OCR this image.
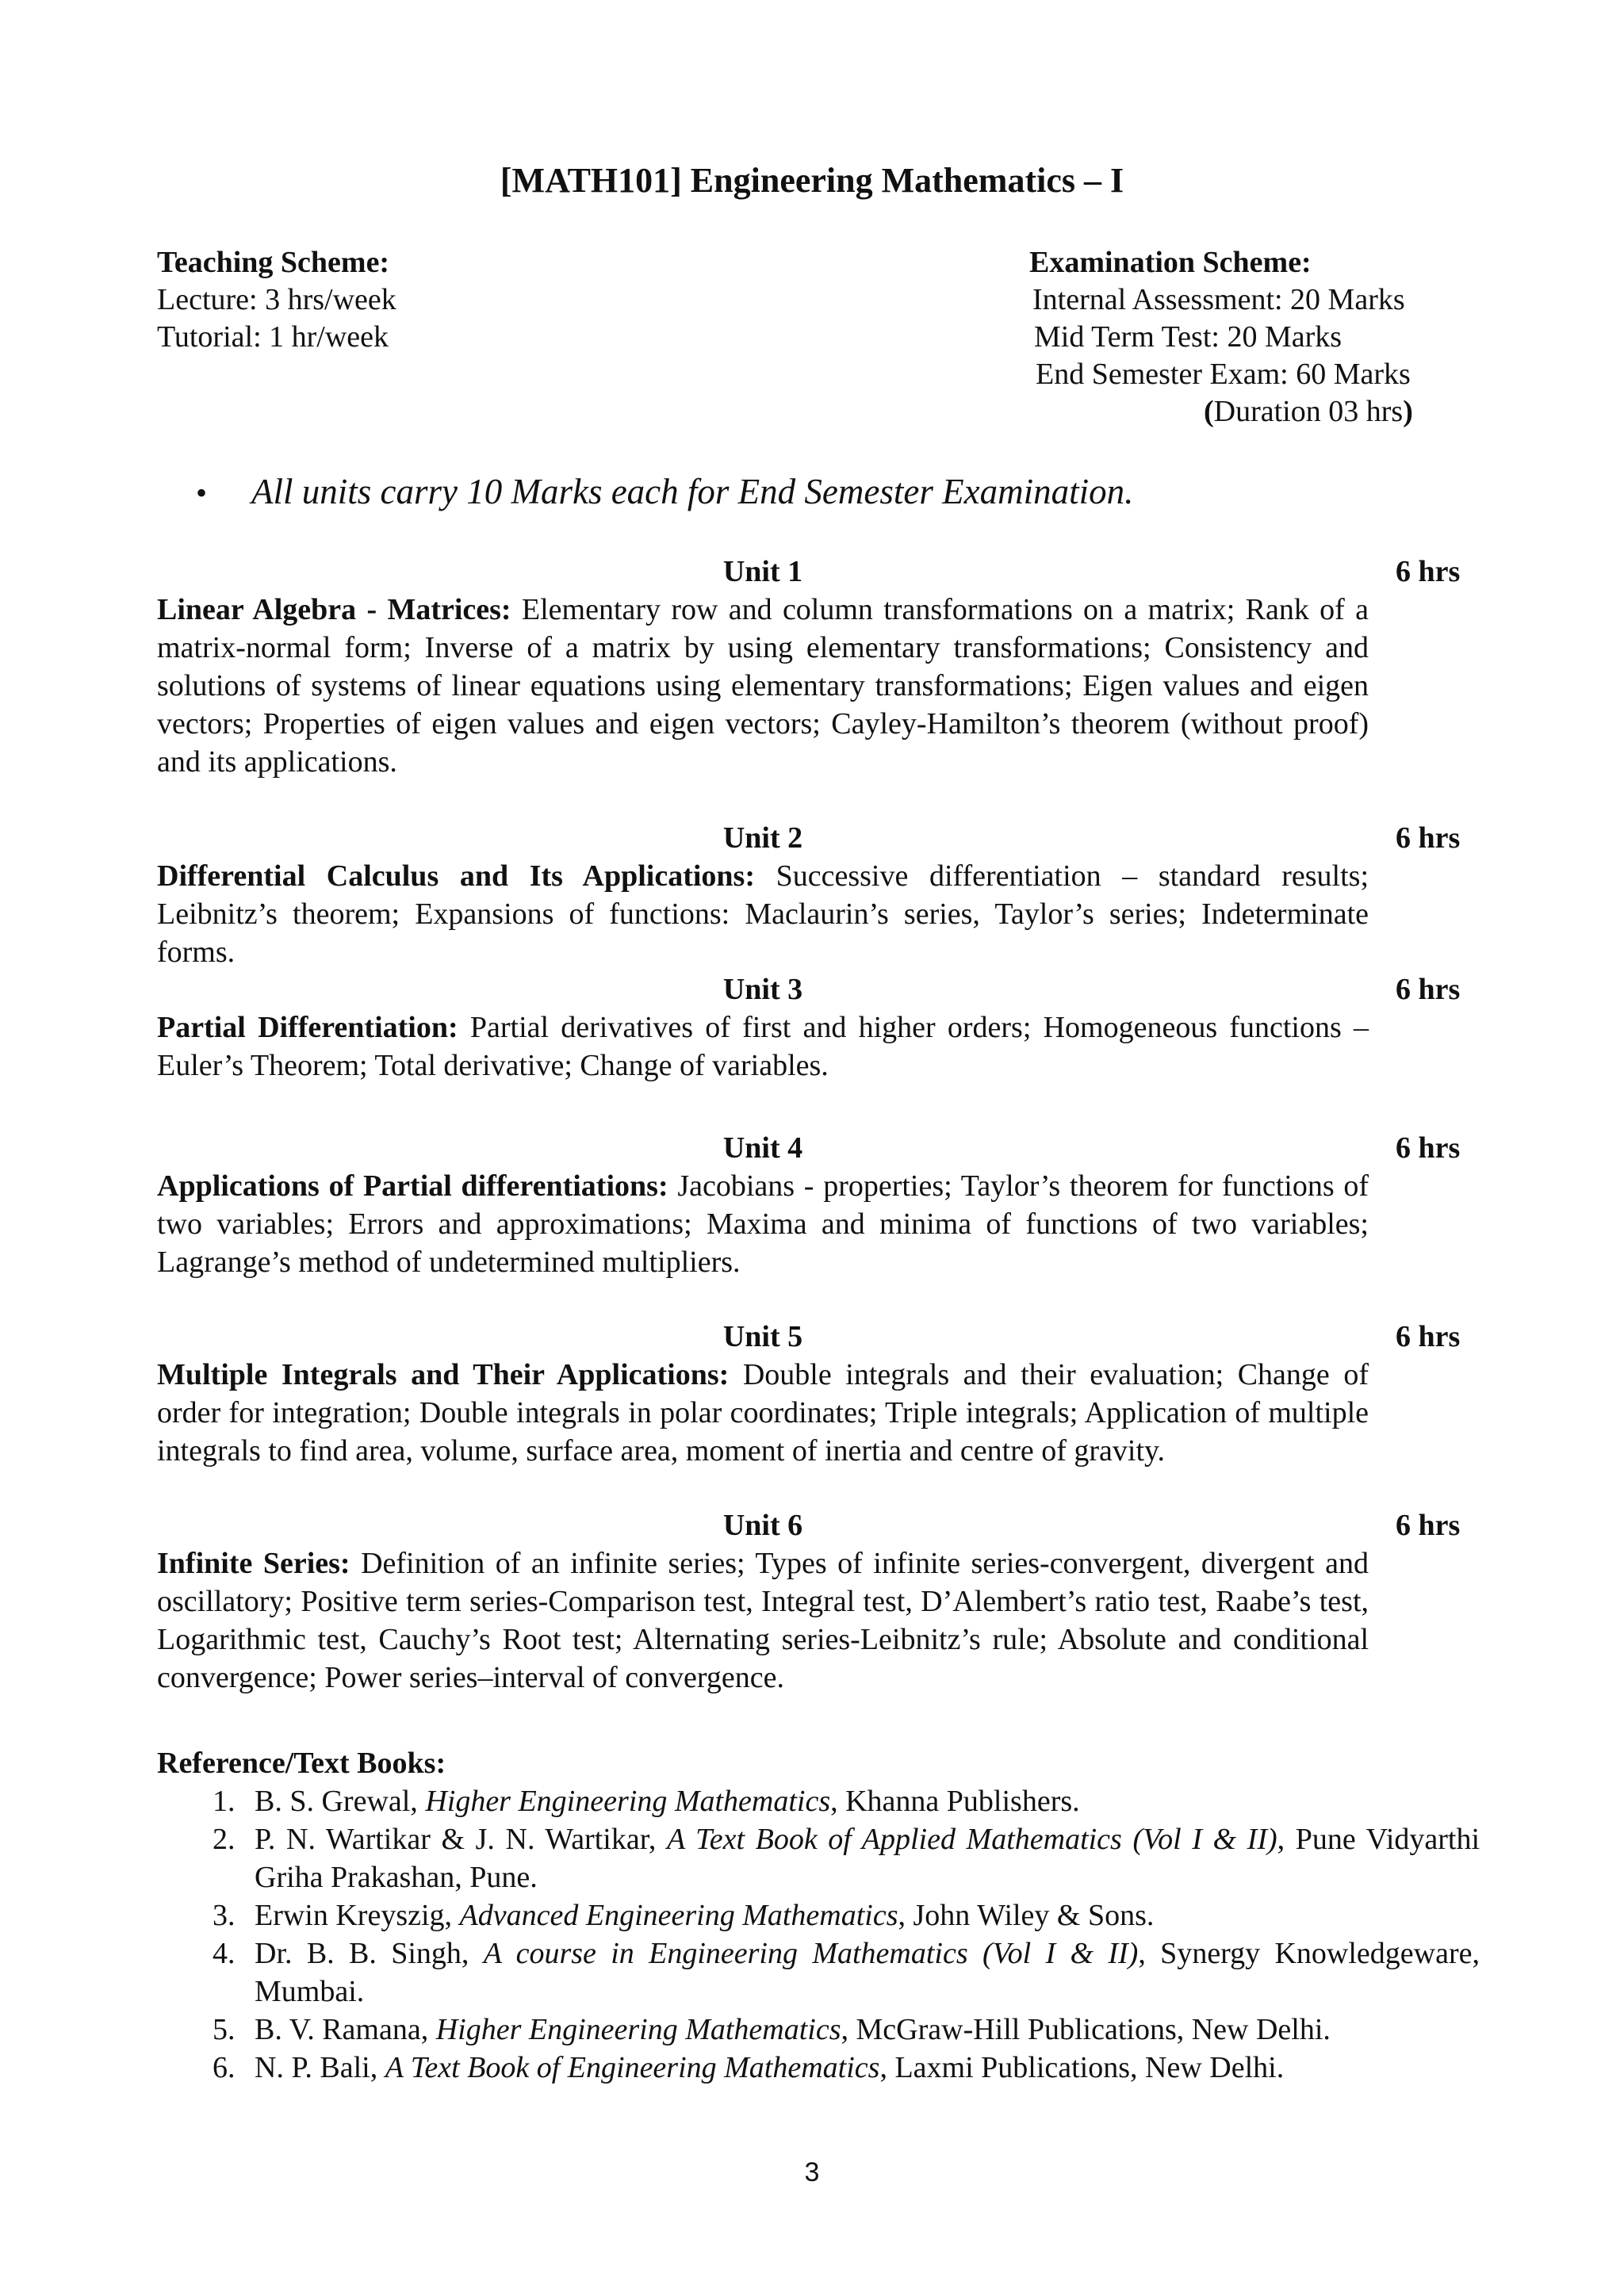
[MATH101] Engineering Mathematics – I
Teaching Scheme:
Lecture: 3 hrs/week
Tutorial: 1 hr/week
Examination Scheme:
Internal Assessment: 20 Marks
Mid Term Test: 20 Marks
End Semester Exam: 60 Marks
(Duration 03 hrs)
• All units carry 10 Marks each for End Semester Examination.
Unit 1	6 hrs
Linear Algebra - Matrices: Elementary row and column transformations on a matrix; Rank of a matrix-normal form; Inverse of a matrix by using elementary transformations; Consistency and solutions of systems of linear equations using elementary transformations; Eigen values and eigen vectors; Properties of eigen values and eigen vectors; Cayley-Hamilton’s theorem (without proof) and its applications.
Unit 2	6 hrs
Differential Calculus and Its Applications: Successive differentiation – standard results; Leibnitz’s theorem; Expansions of functions: Maclaurin’s series, Taylor’s series; Indeterminate forms.
Unit 3	6 hrs
Partial Differentiation: Partial derivatives of first and higher orders; Homogeneous functions – Euler’s Theorem; Total derivative; Change of variables.
Unit 4	6 hrs
Applications of Partial differentiations: Jacobians - properties; Taylor’s theorem for functions of two variables; Errors and approximations; Maxima and minima of functions of two variables; Lagrange’s method of undetermined multipliers.
Unit 5	6 hrs
Multiple Integrals and Their Applications: Double integrals and their evaluation; Change of order for integration; Double integrals in polar coordinates; Triple integrals; Application of multiple integrals to find area, volume, surface area, moment of inertia and centre of gravity.
Unit 6	6 hrs
Infinite Series: Definition of an infinite series; Types of infinite series-convergent, divergent and oscillatory; Positive term series-Comparison test, Integral test, D’Alembert’s ratio test, Raabe’s test, Logarithmic test, Cauchy’s Root test; Alternating series-Leibnitz’s rule; Absolute and conditional convergence; Power series–interval of convergence.
Reference/Text Books:
1. B. S. Grewal, Higher Engineering Mathematics, Khanna Publishers.
2. P. N. Wartikar & J. N. Wartikar, A Text Book of Applied Mathematics (Vol I & II), Pune Vidyarthi Griha Prakashan, Pune.
3. Erwin Kreyszig, Advanced Engineering Mathematics, John Wiley & Sons.
4. Dr. B. B. Singh, A course in Engineering Mathematics (Vol I & II), Synergy Knowledgeware, Mumbai.
5. B. V. Ramana, Higher Engineering Mathematics, McGraw-Hill Publications, New Delhi.
6. N. P. Bali, A Text Book of Engineering Mathematics, Laxmi Publications, New Delhi.
3
